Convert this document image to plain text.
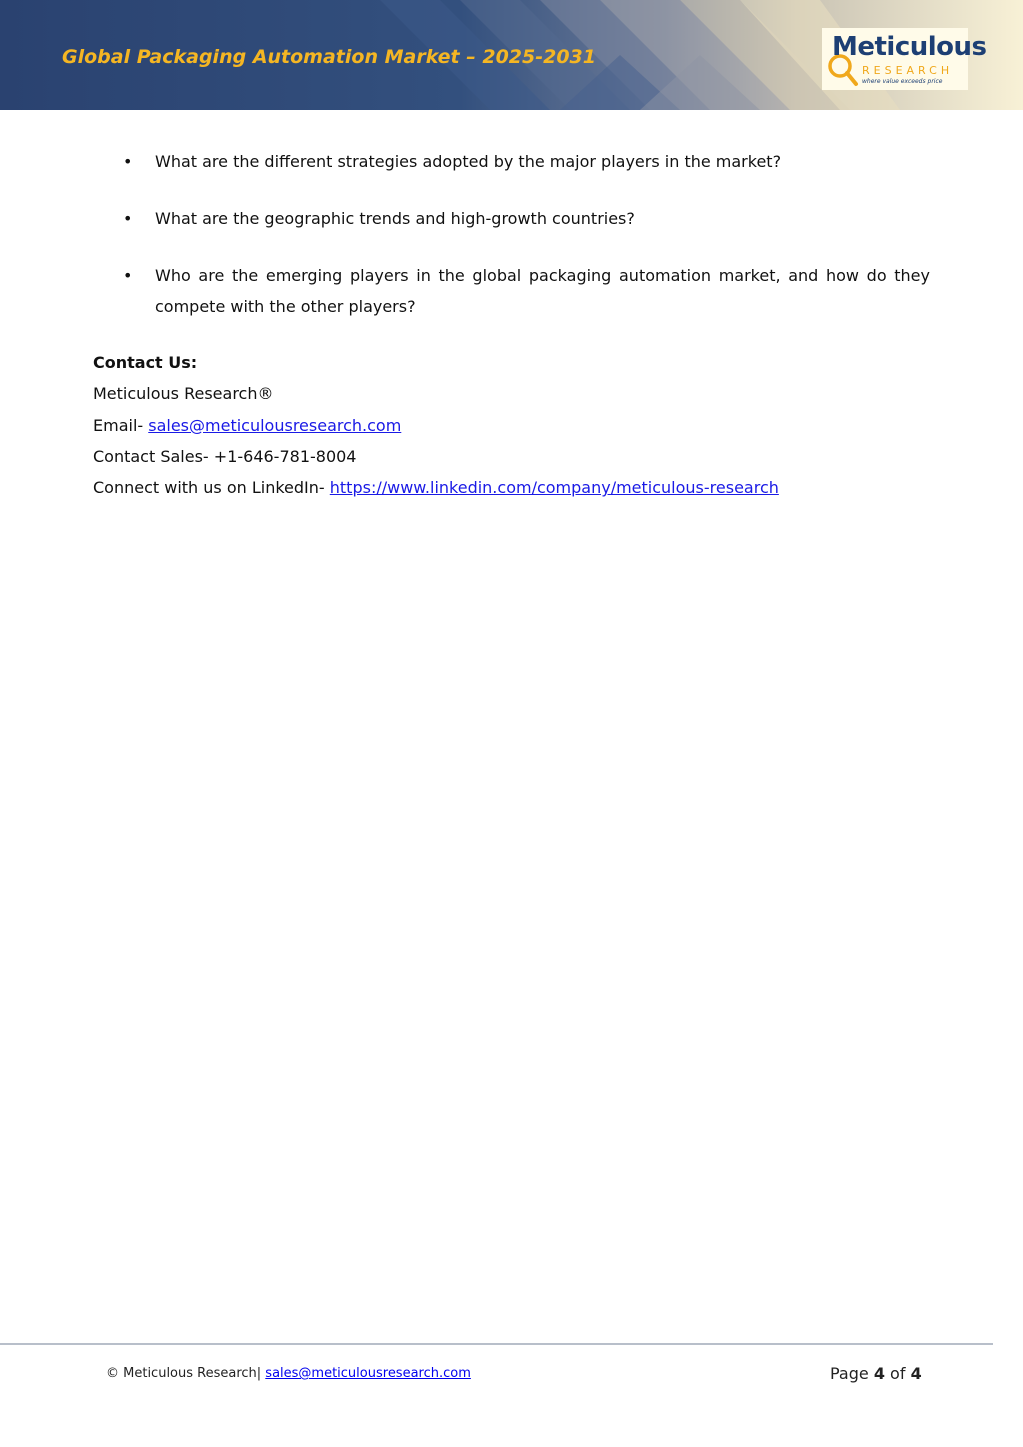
Global Packaging Automation Market – 2025-2031	Meticulous
RESEARCH
where value exceeds price
• What are the different strategies adopted by the major players in the market?
• What are the geographic trends and high-growth countries?
• Who are the emerging players in the global packaging automation market, and how do they compete with the other players?
Contact Us:
Meticulous Research®
Email- sales@meticulousresearch.com
Contact Sales- +1-646-781-8004
Connect with us on LinkedIn- https://www.linkedin.com/company/meticulous-research
© Meticulous Research| sales@meticulousresearch.com	Page 4 of 4
